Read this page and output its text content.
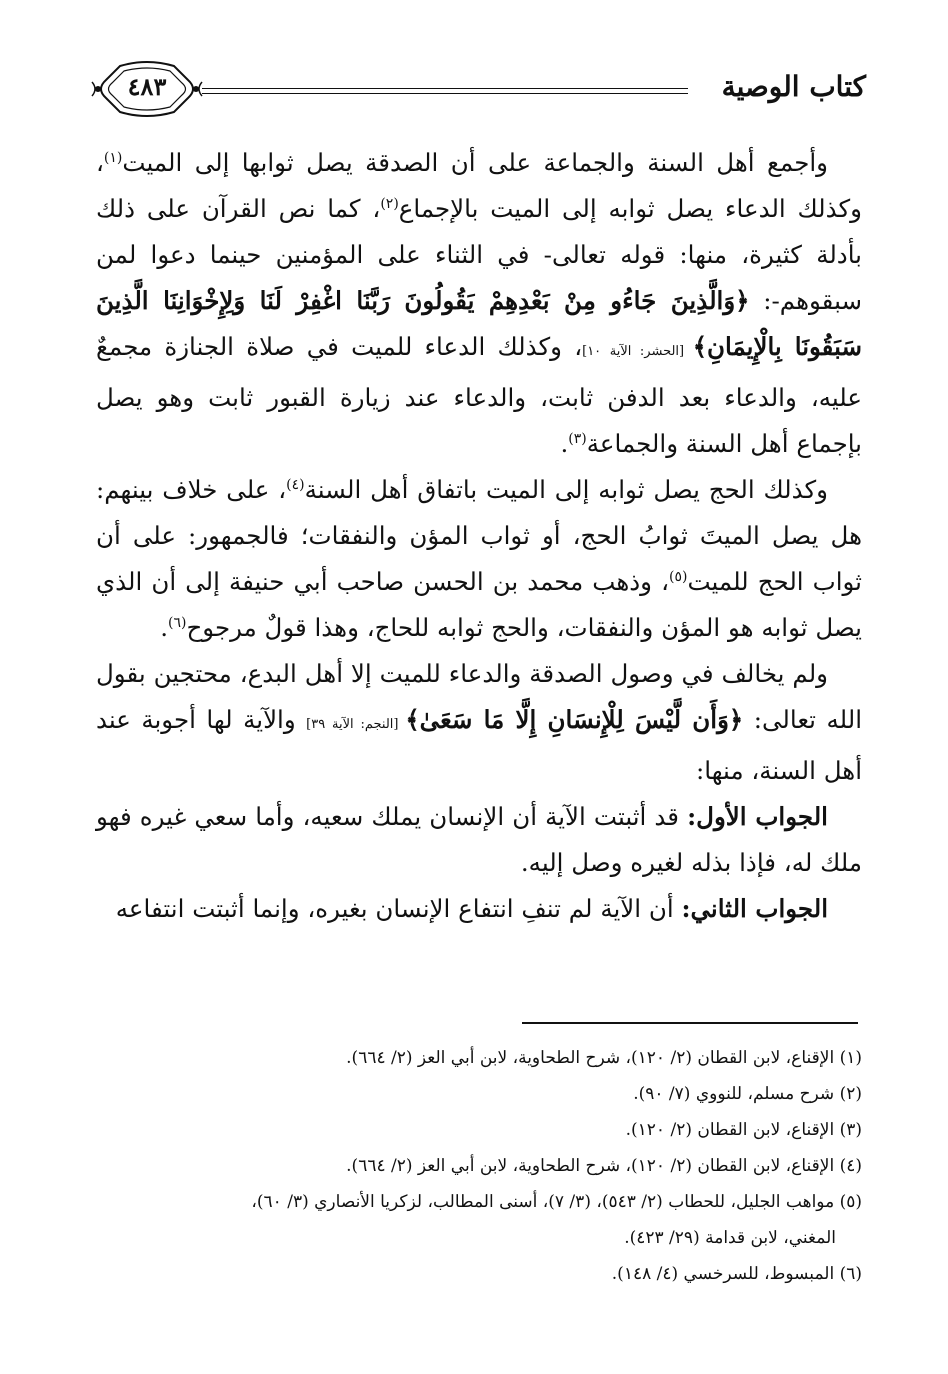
كتاب الوصية
٤٨٣

وأجمع أهل السنة والجماعة على أن الصدقة يصل ثوابها إلى الميت$^{(١)}$، وكذلك الدعاء يصل ثوابه إلى الميت بالإجماع$^{(٢)}$، كما نص القرآن على ذلك بأدلة كثيرة، منها: قوله تعالى- في الثناء على المؤمنين حينما دعوا لمن سبقوهم-: ﴿وَالَّذِينَ جَاءُو مِنْ بَعْدِهِمْ يَقُولُونَ رَبَّنَا اغْفِرْ لَنَا وَلِإِخْوَانِنَا الَّذِينَ سَبَقُونَا بِالْإِيمَانِ﴾ [الحشر: الآية ١٠]، وكذلك الدعاء للميت في صلاة الجنازة مجمعٌ عليه، والدعاء بعد الدفن ثابت، والدعاء عند زيارة القبور ثابت وهو يصل بإجماع أهل السنة والجماعة$^{(٣)}$.

وكذلك الحج يصل ثوابه إلى الميت باتفاق أهل السنة$^{(٤)}$، على خلاف بينهم: هل يصل الميتَ ثوابُ الحج، أو ثواب المؤن والنفقات؛ فالجمهور: على أن ثواب الحج للميت$^{(٥)}$، وذهب محمد بن الحسن صاحب أبي حنيفة إلى أن الذي يصل ثوابه هو المؤن والنفقات، والحج ثوابه للحاج، وهذا قولٌ مرجوح$^{(٦)}$.

ولم يخالف في وصول الصدقة والدعاء للميت إلا أهل البدع، محتجين بقول الله تعالى: ﴿وَأَن لَّيْسَ لِلْإِنسَانِ إِلَّا مَا سَعَىٰ﴾ [النجم: الآية ٣٩] والآية لها أجوبة عند أهل السنة، منها:

الجواب الأول: قد أثبتت الآية أن الإنسان يملك سعيه، وأما سعي غيره فهو ملك له، فإذا بذله لغيره وصل إليه.

الجواب الثاني: أن الآية لم تنفِ انتفاع الإنسان بغيره، وإنما أثبتت انتفاعه

(١) الإقناع، لابن القطان (٢/ ١٢٠)، شرح الطحاوية، لابن أبي العز (٢/ ٦٦٤).

(٢) شرح مسلم، للنووي (٧/ ٩٠).

(٣) الإقناع، لابن القطان (٢/ ١٢٠).

(٤) الإقناع، لابن القطان (٢/ ١٢٠)، شرح الطحاوية، لابن أبي العز (٢/ ٦٦٤).

(٥) مواهب الجليل، للحطاب (٢/ ٥٤٣)، (٣/ ٧)، أسنى المطالب، لزكريا الأنصاري (٣/ ٦٠)،

المغني، لابن قدامة (٢٩/ ٤٢٣).

(٦) المبسوط، للسرخسي (٤/ ١٤٨).
